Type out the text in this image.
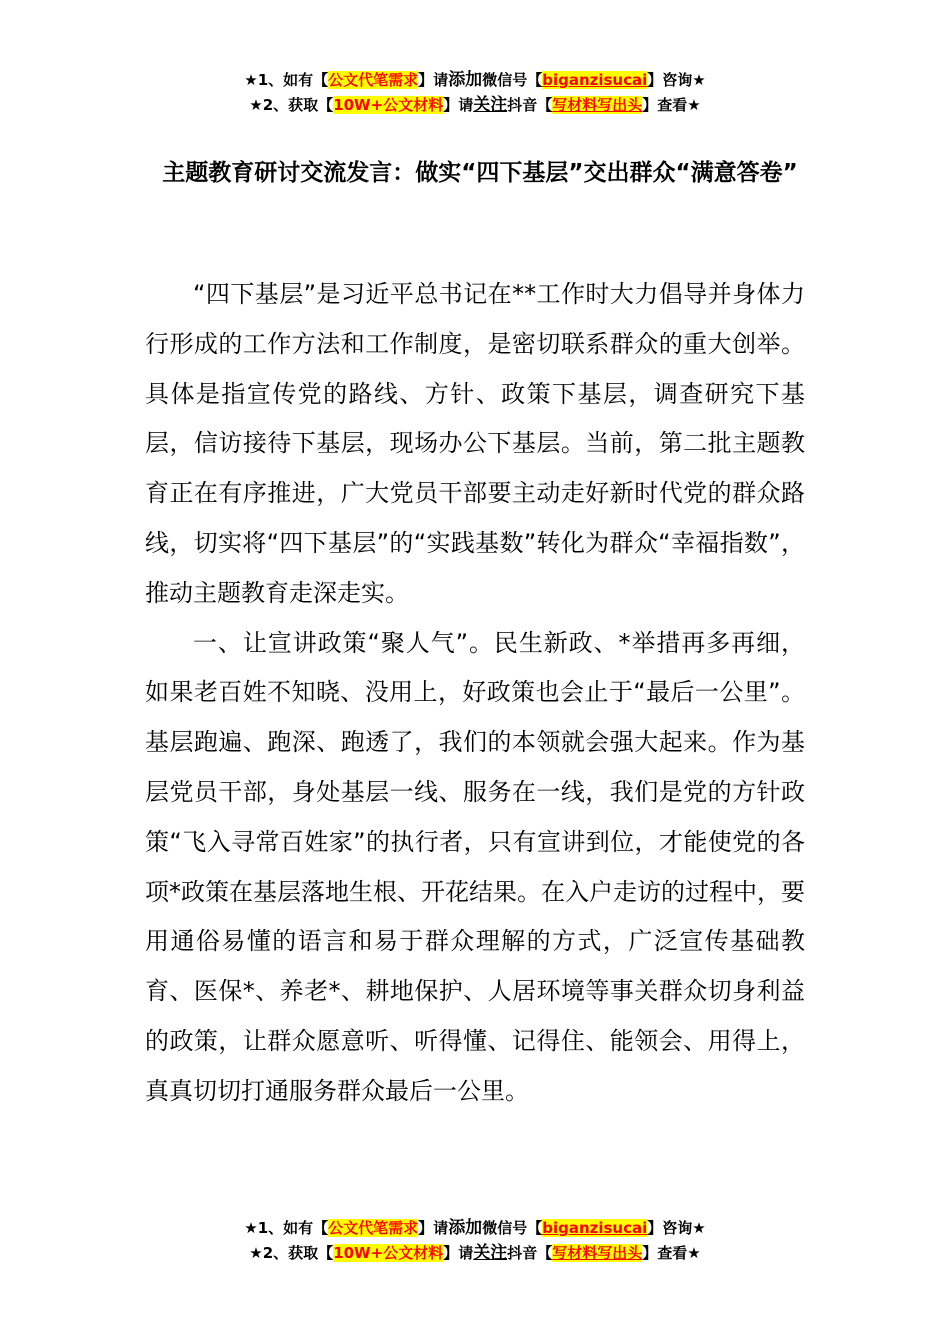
★1、如有【公文代笔需求】请添加微信号【biganzisucai】咨询★
★2、获取【10W+公文材料】请关注抖音【写材料写出头】查看★
主题教育研讨交流发言：做实“四下基层”交出群众“满意答卷”

“四下基层”是习近平总书记在**工作时大力倡导并身体力行形成的工作方法和工作制度，是密切联系群众的重大创举。具体是指宣传党的路线、方针、政策下基层，调查研究下基层，信访接待下基层，现场办公下基层。当前，第二批主题教育正在有序推进，广大党员干部要主动走好新时代党的群众路线，切实将“四下基层”的“实践基数”转化为群众“幸福指数”，推动主题教育走深走实。

一、让宣讲政策“聚人气”。民生新政、*举措再多再细，如果老百姓不知晓、没用上，好政策也会止于“最后一公里”。基层跑遍、跑深、跑透了，我们的本领就会强大起来。作为基层党员干部，身处基层一线、服务在一线，我们是党的方针政策“飞入寻常百姓家”的执行者，只有宣讲到位，才能使党的各项*政策在基层落地生根、开花结果。在入户走访的过程中，要用通俗易懂的语言和易于群众理解的方式，广泛宣传基础教育、医保*、养老*、耕地保护、人居环境等事关群众切身利益的政策，让群众愿意听、听得懂、记得住、能领会、用得上，真真切切打通服务群众最后一公里。

★1、如有【公文代笔需求】请添加微信号【biganzisucai】咨询★
★2、获取【10W+公文材料】请关注抖音【写材料写出头】查看★
